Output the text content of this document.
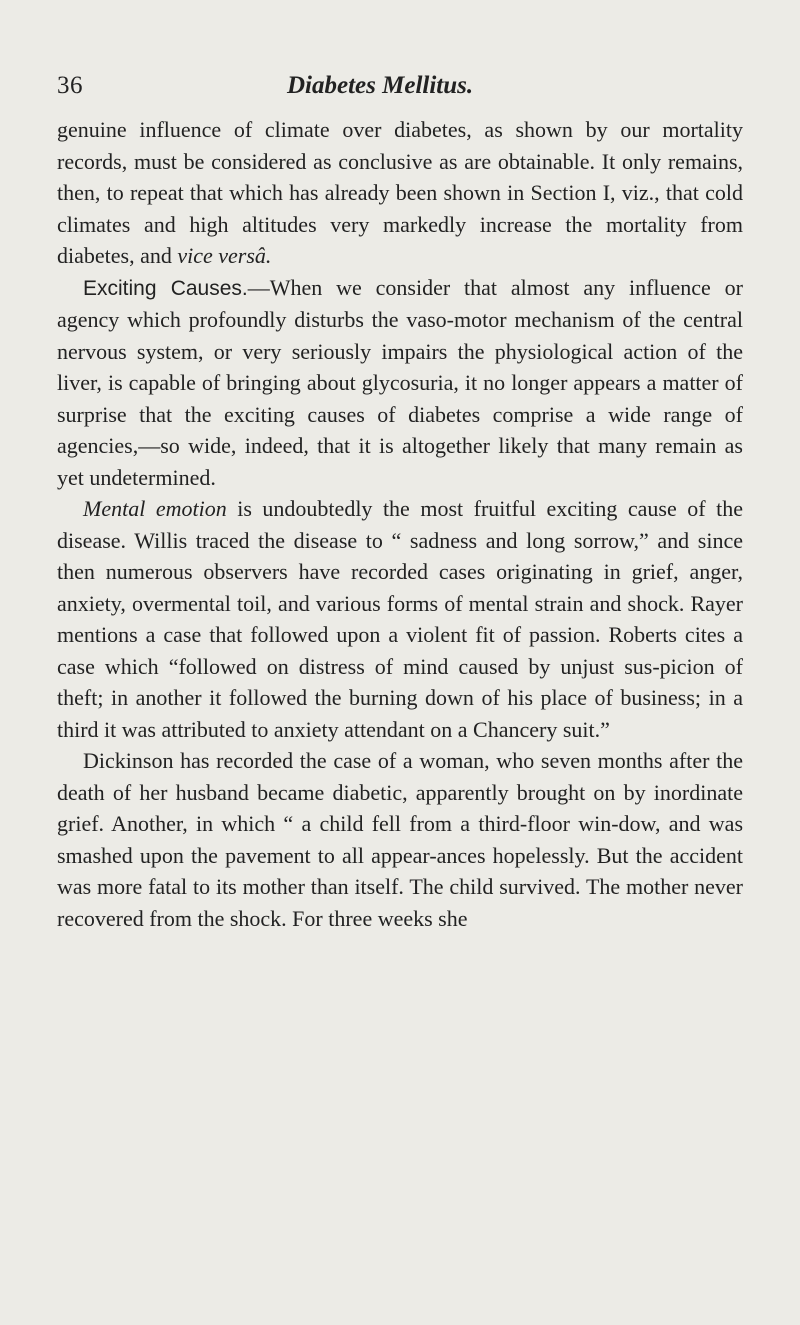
36	Diabetes Mellitus.

genuine influence of climate over diabetes, as shown by our mortality records, must be considered as conclusive as are obtainable. It only remains, then, to repeat that which has already been shown in Section I, viz., that cold climates and high altitudes very markedly increase the mortality from diabetes, and vice versâ.

Exciting Causes.—When we consider that almost any influence or agency which profoundly disturbs the vaso-motor mechanism of the central nervous system, or very seriously impairs the physiological action of the liver, is capable of bringing about glycosuria, it no longer appears a matter of surprise that the exciting causes of diabetes comprise a wide range of agencies,—so wide, indeed, that it is altogether likely that many remain as yet undetermined.

Mental emotion is undoubtedly the most fruitful exciting cause of the disease. Willis traced the disease to “ sadness and long sorrow,” and since then numerous observers have recorded cases originating in grief, anger, anxiety, overmental toil, and various forms of mental strain and shock. Rayer mentions a case that followed upon a violent fit of passion. Roberts cites a case which “followed on distress of mind caused by unjust sus-picion of theft; in another it followed the burning down of his place of business; in a third it was attributed to anxiety attendant on a Chancery suit.”

Dickinson has recorded the case of a woman, who seven months after the death of her husband became diabetic, apparently brought on by inordinate grief. Another, in which “ a child fell from a third-floor win-dow, and was smashed upon the pavement to all appear-ances hopelessly. But the accident was more fatal to its mother than itself. The child survived. The mother never recovered from the shock. For three weeks she
